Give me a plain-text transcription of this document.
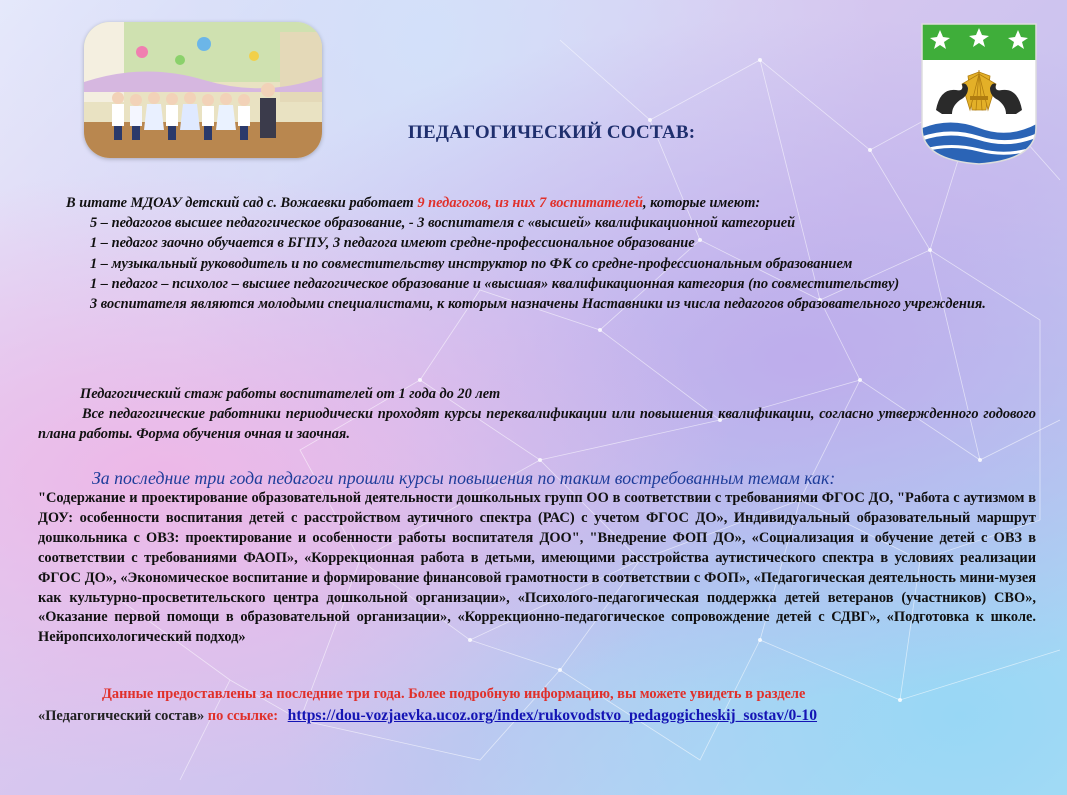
ПЕДАГОГИЧЕСКИЙ СОСТАВ:

В штате МДОАУ детский сад с. Вожаевки работает 9 педагогов, из них 7 воспитателей, которые имеют:

5 – педагогов высшее педагогическое образование, - 3 воспитателя с «высшей» квалификационной категорией

1 – педагог заочно обучается в БГПУ, 3 педагога имеют средне-профессиональное образование

1 – музыкальный руководитель и по совместительству инструктор по ФК со средне-профессиональным образованием

1 – педагог – психолог – высшее педагогическое образование и «высшая» квалификационная категория (по совместительству)

3 воспитателя являются молодыми специалистами, к которым назначены Наставники из числа педагогов образовательного учреждения.

Педагогический стаж работы воспитателей от 1 года до 20 лет

Все педагогические работники периодически проходят курсы переквалификации или повышения квалификации, согласно утвержденного годового плана работы. Форма обучения очная и заочная.

За последние три года педагоги прошли курсы повышения по таким востребованным темам как:
"Содержание и проектирование образовательной деятельности дошкольных групп ОО в соответствии с требованиями ФГОС ДО, "Работа с аутизмом в ДОУ: особенности воспитания детей с расстройством аутичного спектра (РАС) с учетом ФГОС ДО», Индивидуальный образовательный маршрут дошкольника с ОВЗ: проектирование и особенности работы воспитателя ДОО", "Внедрение ФОП ДО», «Социализация и обучение детей с ОВЗ в соответствии с требованиями ФАОП», «Коррекционная работа в детьми, имеющими расстройства аутистического спектра в условиях реализации ФГОС ДО», «Экономическое воспитание и формирование финансовой грамотности в соответствии с ФОП», «Педагогическая деятельность мини-музея как культурно-просветительского центра дошкольной организации», «Психолого-педагогическая поддержка детей ветеранов (участников) СВО», «Оказание первой помощи в образовательной организации», «Коррекционно-педагогическое сопровождение детей с СДВГ», «Подготовка к школе. Нейропсихологический подход»

Данные предоставлены за последние три года. Более подробную информацию, вы можете увидеть в разделе
«Педагогический состав» по ссылке: https://dou-vozjaevka.ucoz.org/index/rukovodstvo_pedagogicheskij_sostav/0-10
